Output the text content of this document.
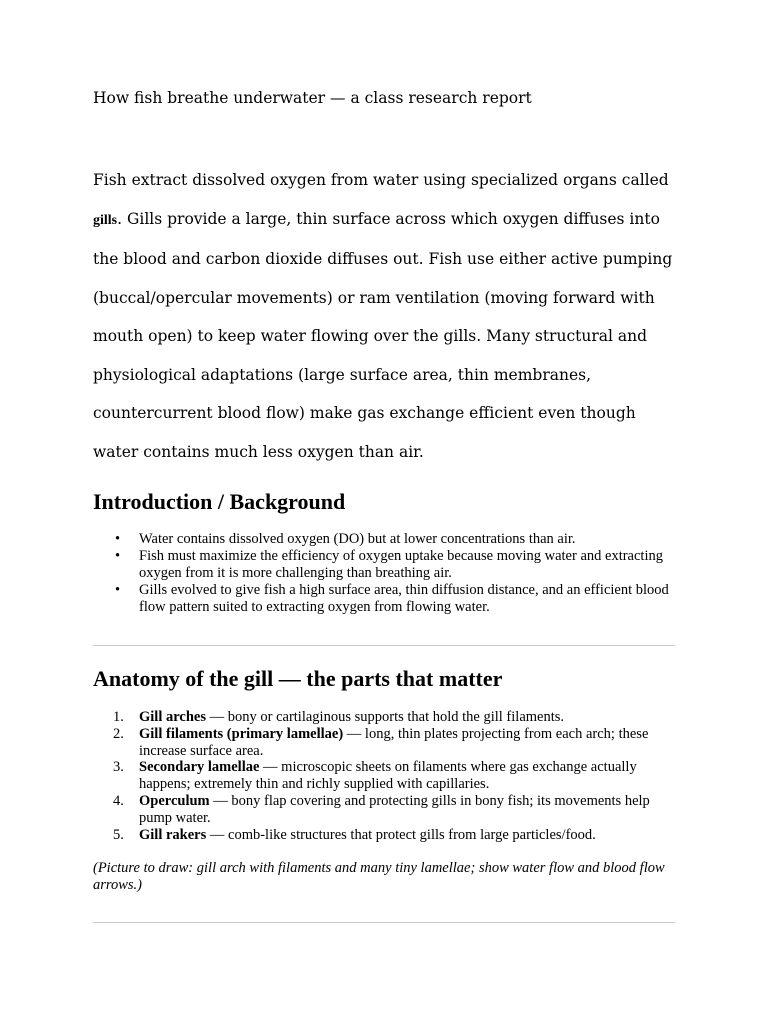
How fish breathe underwater — a class research report

Fish extract dissolved oxygen from water using specialized organs called gills. Gills provide a large, thin surface across which oxygen diffuses into the blood and carbon dioxide diffuses out. Fish use either active pumping (buccal/opercular movements) or ram ventilation (moving forward with mouth open) to keep water flowing over the gills. Many structural and physiological adaptations (large surface area, thin membranes, countercurrent blood flow) make gas exchange efficient even though water contains much less oxygen than air.

Introduction / Background
• Water contains dissolved oxygen (DO) but at lower concentrations than air.
• Fish must maximize the efficiency of oxygen uptake because moving water and extracting oxygen from it is more challenging than breathing air.
• Gills evolved to give fish a high surface area, thin diffusion distance, and an efficient blood flow pattern suited to extracting oxygen from flowing water.
Anatomy of the gill — the parts that matter
1. Gill arches — bony or cartilaginous supports that hold the gill filaments.
2. Gill filaments (primary lamellae) — long, thin plates projecting from each arch; these increase surface area.
3. Secondary lamellae — microscopic sheets on filaments where gas exchange actually happens; extremely thin and richly supplied with capillaries.
4. Operculum — bony flap covering and protecting gills in bony fish; its movements help pump water.
5. Gill rakers — comb-like structures that protect gills from large particles/food.

(Picture to draw: gill arch with filaments and many tiny lamellae; show water flow and blood flow arrows.)
